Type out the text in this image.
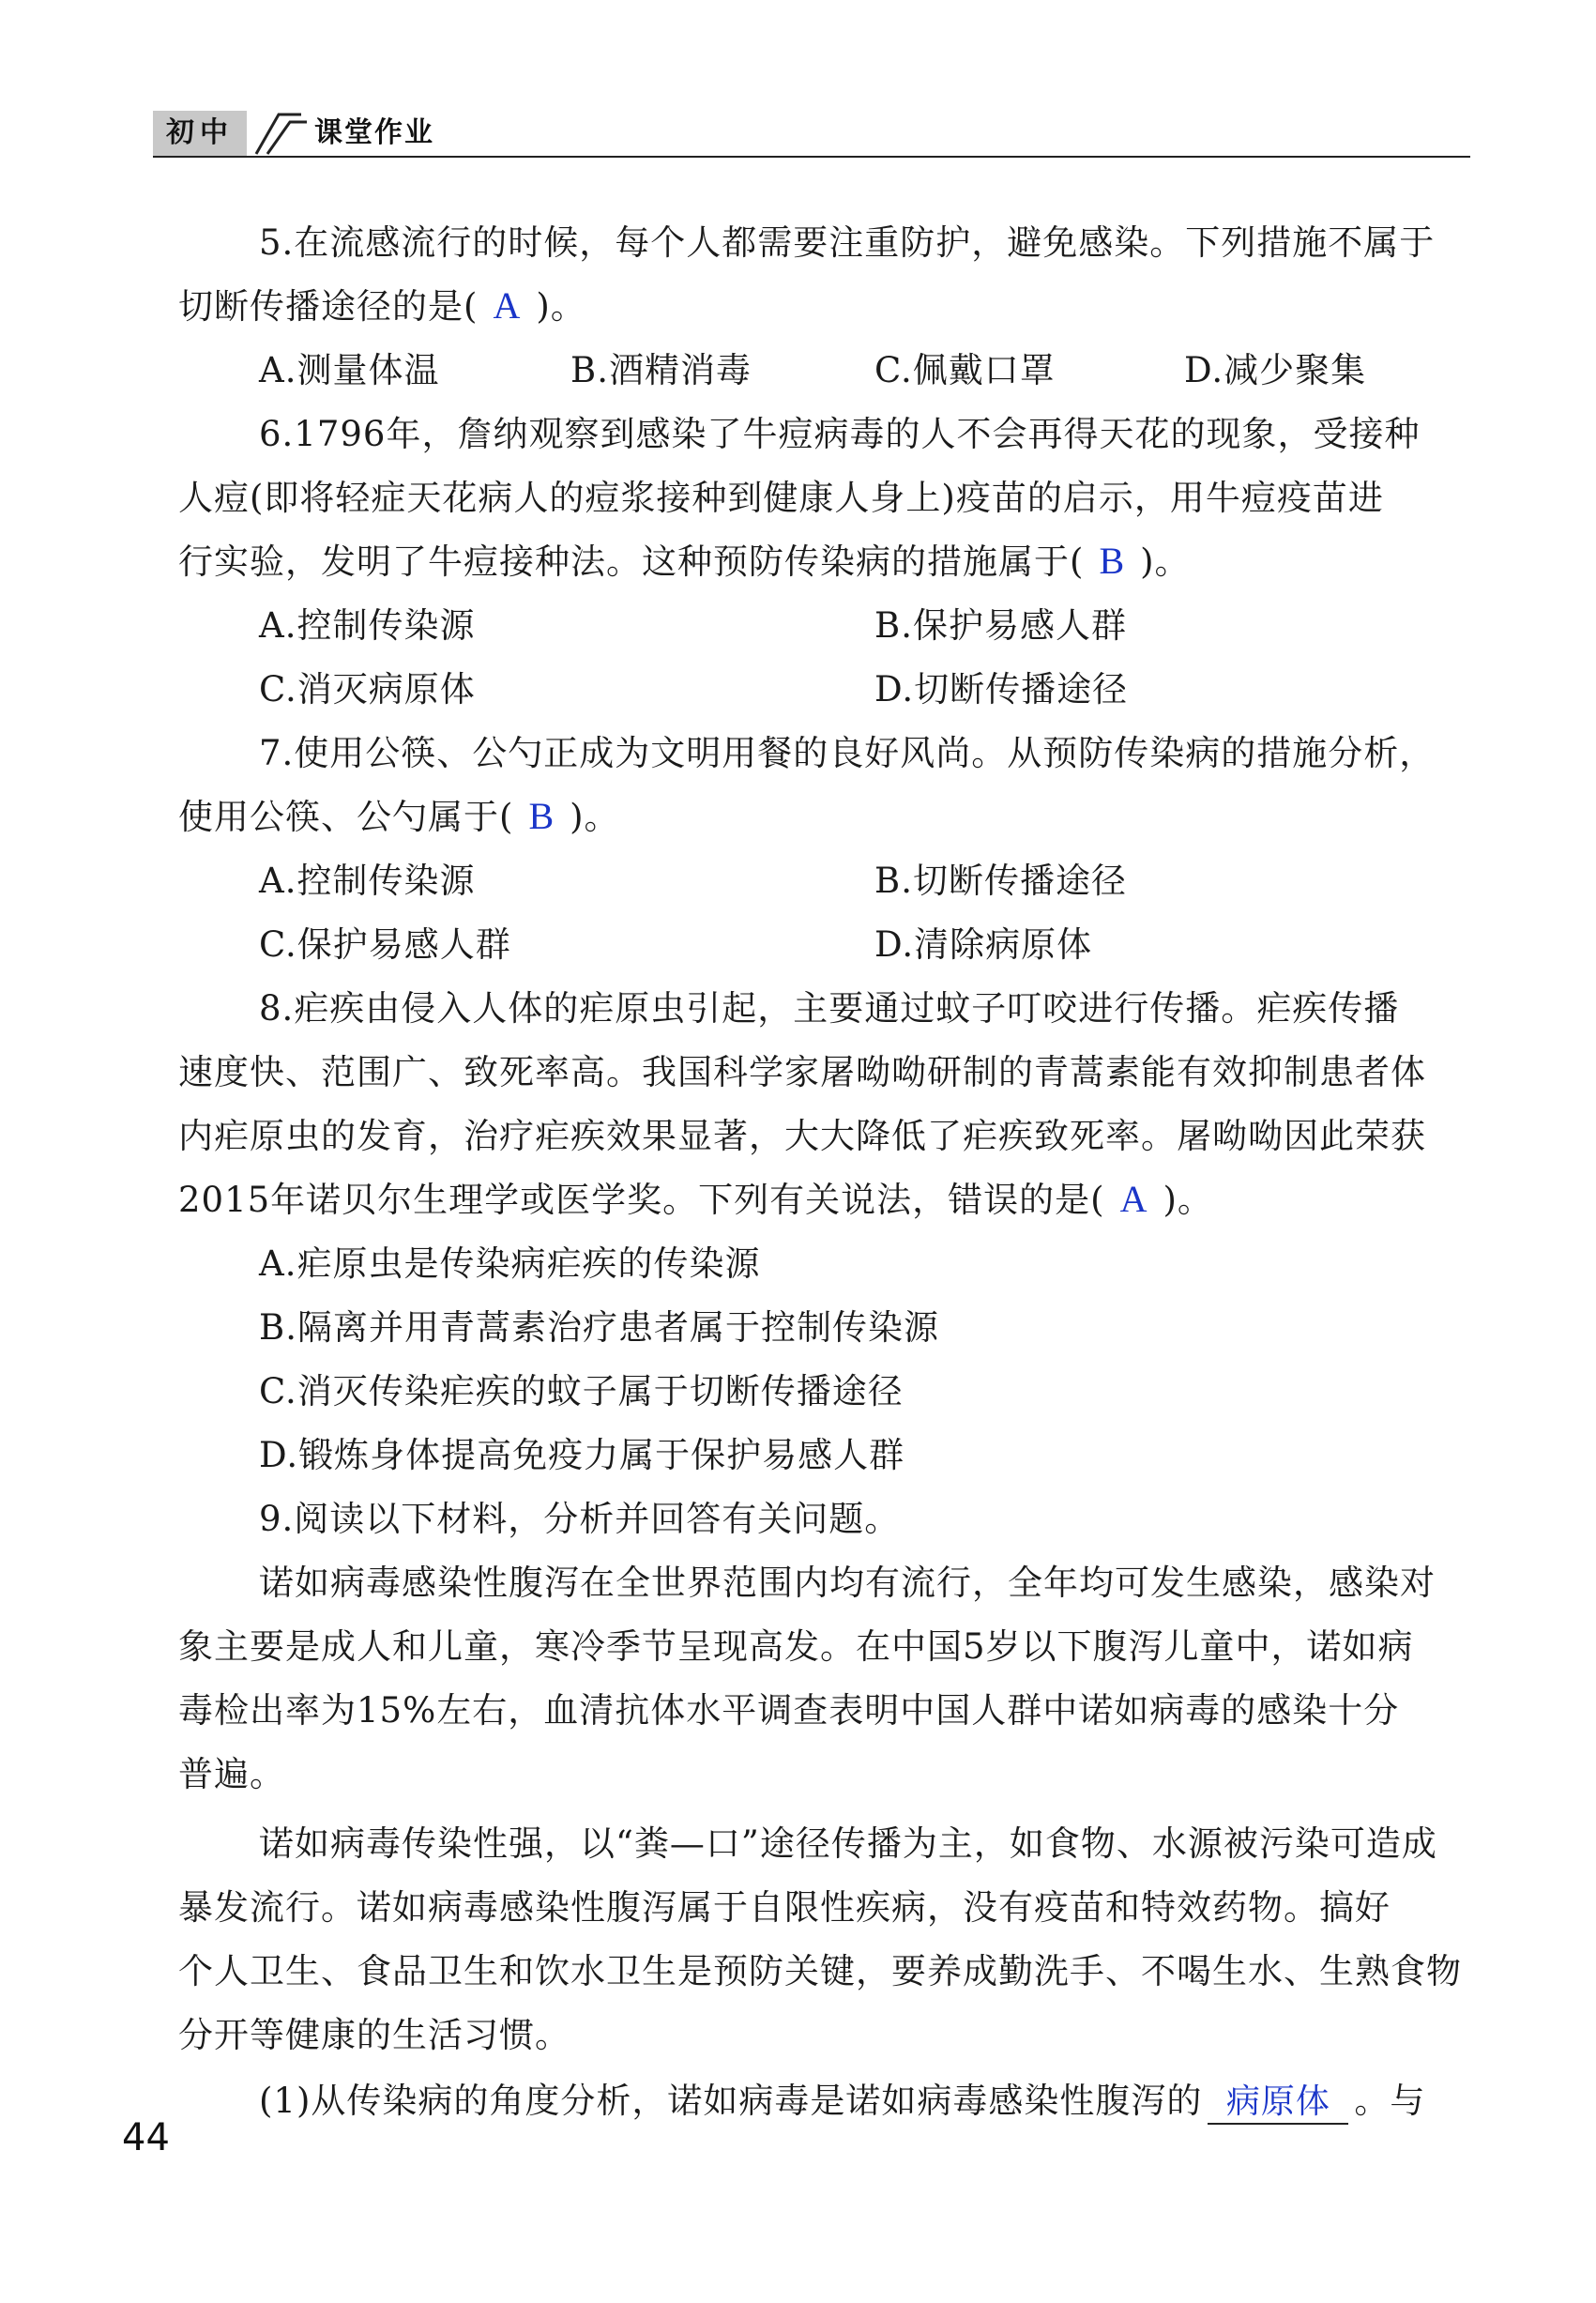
初中	课堂作业
5.在流感流行的时候，每个人都需要注重防护，避免感染。下列措施不属于
切断传播途径的是( A )。
A.测量体温	B.酒精消毒	C.佩戴口罩	D.减少聚集
6.1796年，詹纳观察到感染了牛痘病毒的人不会再得天花的现象，受接种
人痘(即将轻症天花病人的痘浆接种到健康人身上)疫苗的启示，用牛痘疫苗进
行实验，发明了牛痘接种法。这种预防传染病的措施属于( B )。
A.控制传染源	B.保护易感人群
C.消灭病原体	D.切断传播途径
7.使用公筷、公勺正成为文明用餐的良好风尚。从预防传染病的措施分析，
使用公筷、公勺属于( B )。
A.控制传染源	B.切断传播途径
C.保护易感人群	D.清除病原体
8.疟疾由侵入人体的疟原虫引起，主要通过蚊子叮咬进行传播。疟疾传播
速度快、范围广、致死率高。我国科学家屠呦呦研制的青蒿素能有效抑制患者体
内疟原虫的发育，治疗疟疾效果显著，大大降低了疟疾致死率。屠呦呦因此荣获
2015年诺贝尔生理学或医学奖。下列有关说法，错误的是( A )。
A.疟原虫是传染病疟疾的传染源
B.隔离并用青蒿素治疗患者属于控制传染源
C.消灭传染疟疾的蚊子属于切断传播途径
D.锻炼身体提高免疫力属于保护易感人群
9.阅读以下材料，分析并回答有关问题。
诺如病毒感染性腹泻在全世界范围内均有流行，全年均可发生感染，感染对
象主要是成人和儿童，寒冷季节呈现高发。在中国5岁以下腹泻儿童中，诺如病
毒检出率为15%左右，血清抗体水平调查表明中国人群中诺如病毒的感染十分
普遍。
诺如病毒传染性强，以“粪—口”途径传播为主，如食物、水源被污染可造成
暴发流行。诺如病毒感染性腹泻属于自限性疾病，没有疫苗和特效药物。搞好
个人卫生、食品卫生和饮水卫生是预防关键，要养成勤洗手、不喝生水、生熟食物
分开等健康的生活习惯。
(1)从传染病的角度分析，诺如病毒是诺如病毒感染性腹泻的 病原体 。与
44
